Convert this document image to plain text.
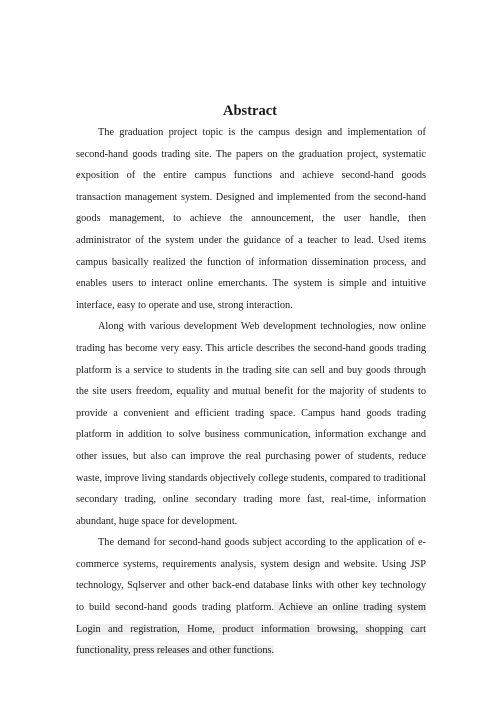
Abstract

The graduation project topic is the campus design and implementation of second-hand goods trading site. The papers on the graduation project, systematic exposition of the entire campus functions and achieve second-hand goods transaction management system. Designed and implemented from the second-hand goods management, to achieve the announcement, the user handle, then administrator of the system under the guidance of a teacher to lead. Used items campus basically realized the function of information dissemination process, and enables users to interact online emerchants. The system is simple and intuitive interface, easy to operate and use, strong interaction.

Along with various development Web development technologies, now online trading has become very easy. This article describes the second-hand goods trading platform is a service to students in the trading site can sell and buy goods through the site users freedom, equality and mutual benefit for the majority of students to provide a convenient and efficient trading space. Campus hand goods trading platform in addition to solve business communication, information exchange and other issues, but also can improve the real purchasing power of students, reduce waste, improve living standards objectively college students, compared to traditional secondary trading, online secondary trading more fast, real-time, information abundant, huge space for development.

The demand for second-hand goods subject according to the application of e-commerce systems, requirements analysis, system design and website. Using JSP technology, Sqlserver and other back-end database links with other key technology to build second-hand goods trading platform. Achieve an online trading system Login and registration, Home, product information browsing, shopping cart functionality, press releases and other functions.
